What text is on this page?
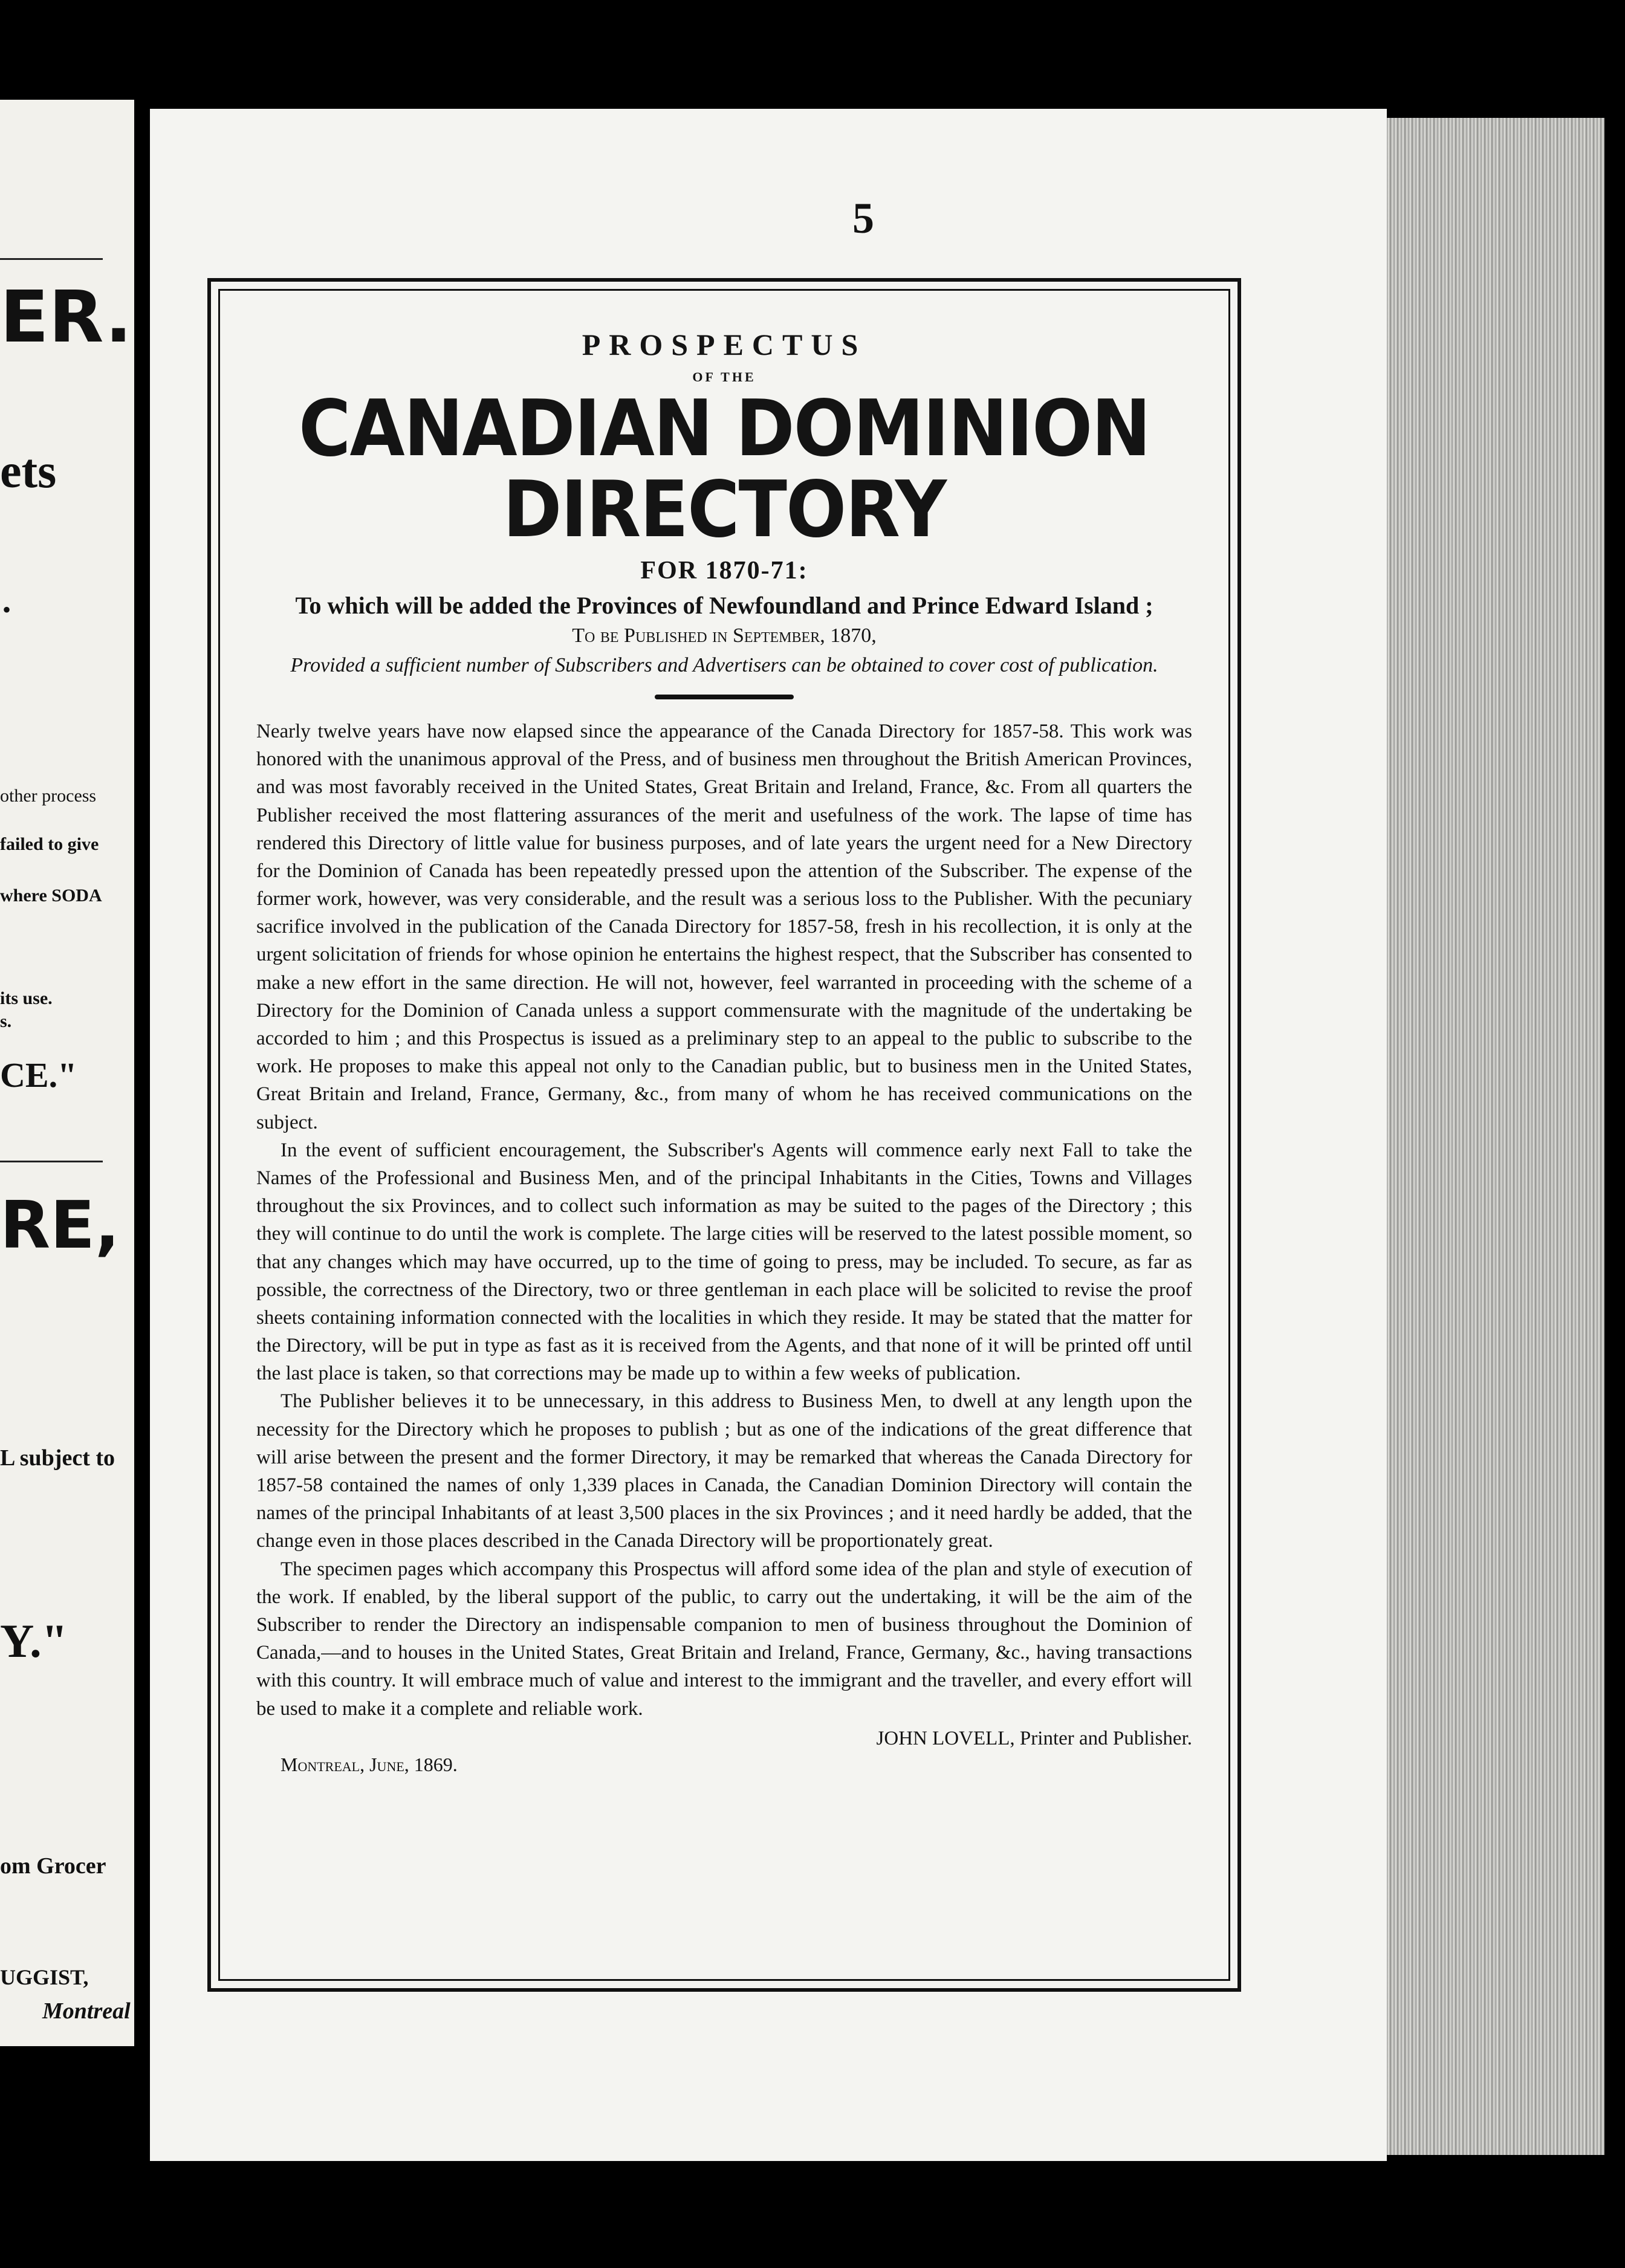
ER.
ets
•
other process
failed to give
where SODA
its use.
s.
CE."
RE,
L subject to
Y."
om Grocer
UGGIST,
Montreal
5
PROSPECTUS
OF THE
CANADIAN DOMINION DIRECTORY
FOR 1870-71:
To which will be added the Provinces of Newfoundland and Prince Edward Island ;
To be Published in September, 1870,
Provided a sufficient number of Subscribers and Advertisers can be obtained to cover cost of publication.

Nearly twelve years have now elapsed since the appearance of the Canada Directory for 1857-58. This work was honored with the unanimous approval of the Press, and of business men throughout the British American Provinces, and was most favorably received in the United States, Great Britain and Ireland, France, &c. From all quarters the Publisher received the most flattering assurances of the merit and usefulness of the work. The lapse of time has rendered this Directory of little value for business purposes, and of late years the urgent need for a New Directory for the Dominion of Canada has been repeatedly pressed upon the attention of the Subscriber. The expense of the former work, however, was very considerable, and the result was a serious loss to the Publisher. With the pecuniary sacrifice involved in the publication of the Canada Directory for 1857-58, fresh in his recollection, it is only at the urgent solicitation of friends for whose opinion he entertains the highest respect, that the Subscriber has consented to make a new effort in the same direction. He will not, however, feel warranted in proceeding with the scheme of a Directory for the Dominion of Canada unless a support commensurate with the magnitude of the undertaking be accorded to him ; and this Prospectus is issued as a preliminary step to an appeal to the public to subscribe to the work. He proposes to make this appeal not only to the Canadian public, but to business men in the United States, Great Britain and Ireland, France, Germany, &c., from many of whom he has received communications on the subject.

In the event of sufficient encouragement, the Subscriber's Agents will commence early next Fall to take the Names of the Professional and Business Men, and of the principal Inhabitants in the Cities, Towns and Villages throughout the six Provinces, and to collect such information as may be suited to the pages of the Directory ; this they will continue to do until the work is complete. The large cities will be reserved to the latest possible moment, so that any changes which may have occurred, up to the time of going to press, may be included. To secure, as far as possible, the correctness of the Directory, two or three gentleman in each place will be solicited to revise the proof sheets containing information connected with the localities in which they reside. It may be stated that the matter for the Directory, will be put in type as fast as it is received from the Agents, and that none of it will be printed off until the last place is taken, so that corrections may be made up to within a few weeks of publication.

The Publisher believes it to be unnecessary, in this address to Business Men, to dwell at any length upon the necessity for the Directory which he proposes to publish ; but as one of the indications of the great difference that will arise between the present and the former Directory, it may be remarked that whereas the Canada Directory for 1857-58 contained the names of only 1,339 places in Canada, the Canadian Dominion Directory will contain the names of the principal Inhabitants of at least 3,500 places in the six Provinces ; and it need hardly be added, that the change even in those places described in the Canada Directory will be proportionately great.

The specimen pages which accompany this Prospectus will afford some idea of the plan and style of execution of the work. If enabled, by the liberal support of the public, to carry out the undertaking, it will be the aim of the Subscriber to render the Directory an indispensable companion to men of business throughout the Dominion of Canada,—and to houses in the United States, Great Britain and Ireland, France, Germany, &c., having transactions with this country. It will embrace much of value and interest to the immigrant and the traveller, and every effort will be used to make it a complete and reliable work.

JOHN LOVELL, Printer and Publisher.
Montreal, June, 1869.
